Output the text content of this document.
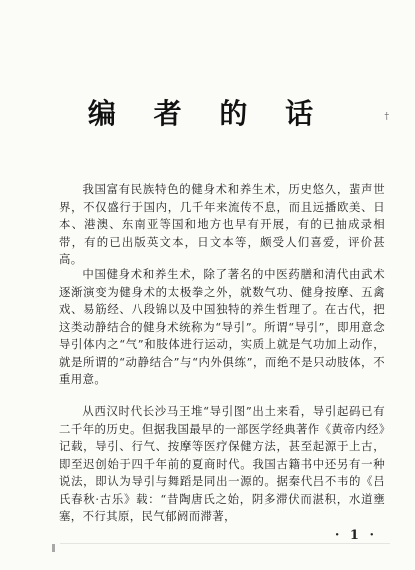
编 者 的 话	†

我国富有民族特色的健身术和养生术，历史悠久，蜚声世界，不仅盛行于国内，几千年来流传不息，而且远播欧美、日本、港澳、东南亚等国和地方也早有开展，有的已抽成录相带，有的已出版英文本，日文本等，颇受人们喜爱，评价甚高。

中国健身术和养生术，除了著名的中医药膳和清代由武术逐渐演变为健身术的太极拳之外，就数气功、健身按摩、五禽戏、易筋经、八段锦以及中国独特的养生哲理了。在古代，把这类动静结合的健身术统称为“导引”。所谓“导引”，即用意念导引体内之“气”和肢体进行运动，实质上就是气功加上动作，就是所谓的“动静结合”与“内外俱练”，而绝不是只动肢体，不重用意。

从西汉时代长沙马王堆“导引图”出土来看，导引起码已有二千年的历史。但据我国最早的一部医学经典著作《黄帝内经》记载，导引、行气、按摩等医疗保健方法，甚至起源于上古，即至迟创始于四千年前的夏商时代。我国古籍书中还另有一种说法，即认为导引与舞蹈是同出一源的。据秦代吕不韦的《吕氏春秋·古乐》载：“昔陶唐氏之始，阴多滞伏而湛积，水道壅塞，不行其原，民气郁阏而滞著，

· 1 ·
